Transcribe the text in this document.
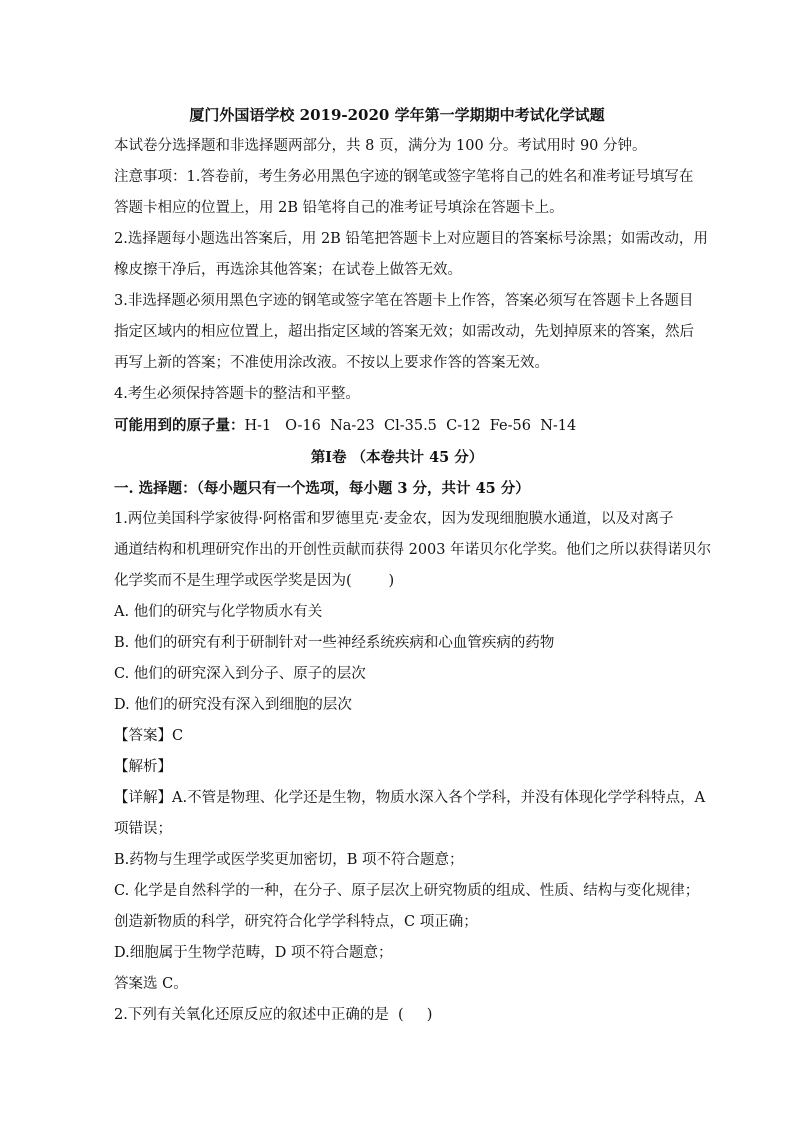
厦门外国语学校 2019-2020 学年第一学期期中考试化学试题
本试卷分选择题和非选择题两部分，共 8 页，满分为 100 分。考试用时 90 分钟。
注意事项：1.答卷前，考生务必用黑色字迹的钢笔或签字笔将自己的姓名和准考证号填写在
答题卡相应的位置上，用 2B 铅笔将自己的准考证号填涂在答题卡上。
2.选择题每小题选出答案后，用 2B 铅笔把答题卡上对应题目的答案标号涂黑；如需改动，用
橡皮擦干净后，再选涂其他答案；在试卷上做答无效。
3.非选择题必须用黑色字迹的钢笔或签字笔在答题卡上作答，答案必须写在答题卡上各题目
指定区域内的相应位置上，超出指定区域的答案无效；如需改动，先划掉原来的答案，然后
再写上新的答案；不准使用涂改液。不按以上要求作答的答案无效。
4.考生必须保持答题卡的整洁和平整。
可能用到的原子量：H-1   O-16  Na-23  Cl-35.5  C-12  Fe-56  N-14
第Ⅰ卷 （本卷共计 45 分）
一. 选择题：（每小题只有一个选项，每小题 3 分，共计 45 分）
1.两位美国科学家彼得·阿格雷和罗德里克·麦金农，因为发现细胞膜水通道，以及对离子
通道结构和机理研究作出的开创性贡献而获得 2003 年诺贝尔化学奖。他们之所以获得诺贝尔
化学奖而不是生理学或医学奖是因为(        )
A. 他们的研究与化学物质水有关
B. 他们的研究有利于研制针对一些神经系统疾病和心血管疾病的药物
C. 他们的研究深入到分子、原子的层次
D. 他们的研究没有深入到细胞的层次
【答案】C
【解析】
【详解】A.不管是物理、化学还是生物，物质水深入各个学科，并没有体现化学学科特点，A
项错误；
B.药物与生理学或医学奖更加密切，B 项不符合题意；
C. 化学是自然科学的一种，在分子、原子层次上研究物质的组成、性质、结构与变化规律；
创造新物质的科学，研究符合化学学科特点，C 项正确；
D.细胞属于生物学范畴，D 项不符合题意；
答案选 C。
2.下列有关氧化还原反应的叙述中正确的是  (     )
